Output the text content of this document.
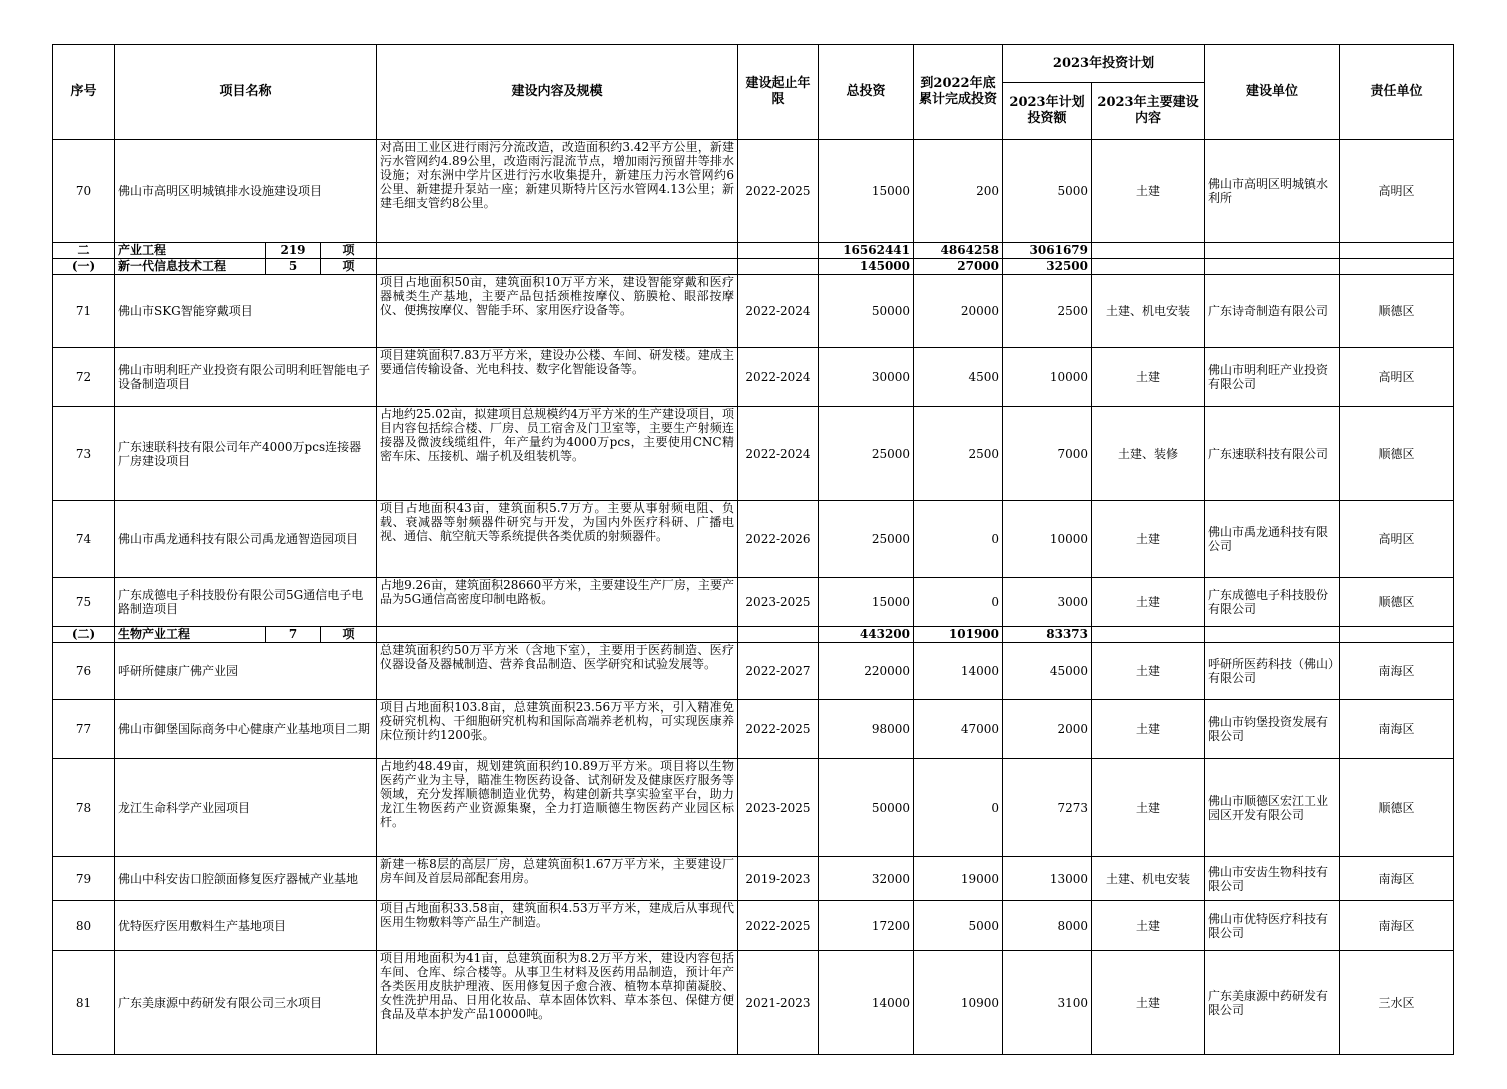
序号	项目名称			建设内容及规模	建设起止年限	总投资	到2022年底累计完成投资	2023年投资计划		建设单位	责任单位
								2023年计划投资额	2023年主要建设内容		
70	佛山市高明区明城镇排水设施建设项目			对高田工业区进行雨污分流改造，改造面积约3.42平方公里，新建污水管网约4.89公里，改造雨污混流节点，增加雨污预留井等排水设施；对东洲中学片区进行污水收集提升，新建压力污水管网约6公里、新建提升泵站一座；新建贝斯特片区污水管网4.13公里；新建毛细支管约8公里。	2022-2025	15000	200	5000	土建	佛山市高明区明城镇水利所	高明区
二	产业工程	219	项			16562441	4864258	3061679			
(一)	新一代信息技术工程	5	项			145000	27000	32500			
71	佛山市SKG智能穿戴项目			项目占地面积50亩，建筑面积10万平方米，建设智能穿戴和医疗器械类生产基地，主要产品包括颈椎按摩仪、筋膜枪、眼部按摩仪、便携按摩仪、智能手环、家用医疗设备等。	2022-2024	50000	20000	2500	土建、机电安装	广东诗奇制造有限公司	顺德区
72	佛山市明利旺产业投资有限公司明利旺智能电子设备制造项目			项目建筑面积7.83万平方米，建设办公楼、车间、研发楼。建成主要通信传输设备、光电科技、数字化智能设备等。	2022-2024	30000	4500	10000	土建	佛山市明利旺产业投资有限公司	高明区
73	广东速联科技有限公司年产4000万pcs连接器厂房建设项目			占地约25.02亩，拟建项目总规模约4万平方米的生产建设项目，项目内容包括综合楼、厂房、员工宿舍及门卫室等，主要生产射频连接器及微波线缆组件，年产量约为4000万pcs，主要使用CNC精密车床、压接机、端子机及组装机等。	2022-2024	25000	2500	7000	土建、装修	广东速联科技有限公司	顺德区
74	佛山市禹龙通科技有限公司禹龙通智造园项目			项目占地面积43亩，建筑面积5.7万方。主要从事射频电阻、负载、衰减器等射频器件研究与开发，为国内外医疗科研、广播电视、通信、航空航天等系统提供各类优质的射频器件。	2022-2026	25000	0	10000	土建	佛山市禹龙通科技有限公司	高明区
75	广东成德电子科技股份有限公司5G通信电子电路制造项目			占地9.26亩，建筑面积28660平方米，主要建设生产厂房，主要产品为5G通信高密度印制电路板。	2023-2025	15000	0	3000	土建	广东成德电子科技股份有限公司	顺德区
(二)	生物产业工程	7	项			443200	101900	83373			
76	呼研所健康广佛产业园			总建筑面积约50万平方米（含地下室），主要用于医药制造、医疗仪器设备及器械制造、营养食品制造、医学研究和试验发展等。	2022-2027	220000	14000	45000	土建	呼研所医药科技（佛山）有限公司	南海区
77	佛山市御堡国际商务中心健康产业基地项目二期			项目占地面积103.8亩，总建筑面积23.56万平方米，引入精准免疫研究机构、干细胞研究机构和国际高端养老机构，可实现医康养床位预计约1200张。	2022-2025	98000	47000	2000	土建	佛山市钧堡投资发展有限公司	南海区
78	龙江生命科学产业园项目			占地约48.49亩，规划建筑面积约10.89万平方米。项目将以生物医药产业为主导，瞄准生物医药设备、试剂研发及健康医疗服务等领域，充分发挥顺德制造业优势，构建创新共享实验室平台，助力龙江生物医药产业资源集聚，全力打造顺德生物医药产业园区标杆。	2023-2025	50000	0	7273	土建	佛山市顺德区宏江工业园区开发有限公司	顺德区
79	佛山中科安齿口腔颌面修复医疗器械产业基地			新建一栋8层的高层厂房，总建筑面积1.67万平方米，主要建设厂房车间及首层局部配套用房。	2019-2023	32000	19000	13000	土建、机电安装	佛山市安齿生物科技有限公司	南海区
80	优特医疗医用敷料生产基地项目			项目占地面积33.58亩，建筑面积4.53万平方米，建成后从事现代医用生物敷料等产品生产制造。	2022-2025	17200	5000	8000	土建	佛山市优特医疗科技有限公司	南海区
81	广东美康源中药研发有限公司三水项目			项目用地面积为41亩，总建筑面积为8.2万平方米，建设内容包括车间、仓库、综合楼等。从事卫生材料及医药用品制造，预计年产各类医用皮肤护理液、医用修复因子愈合液、植物本草抑菌凝胶、女性洗护用品、日用化妆品、草本固体饮料、草本茶包、保健方便食品及草本护发产品10000吨。	2021-2023	14000	10900	3100	土建	广东美康源中药研发有限公司	三水区
